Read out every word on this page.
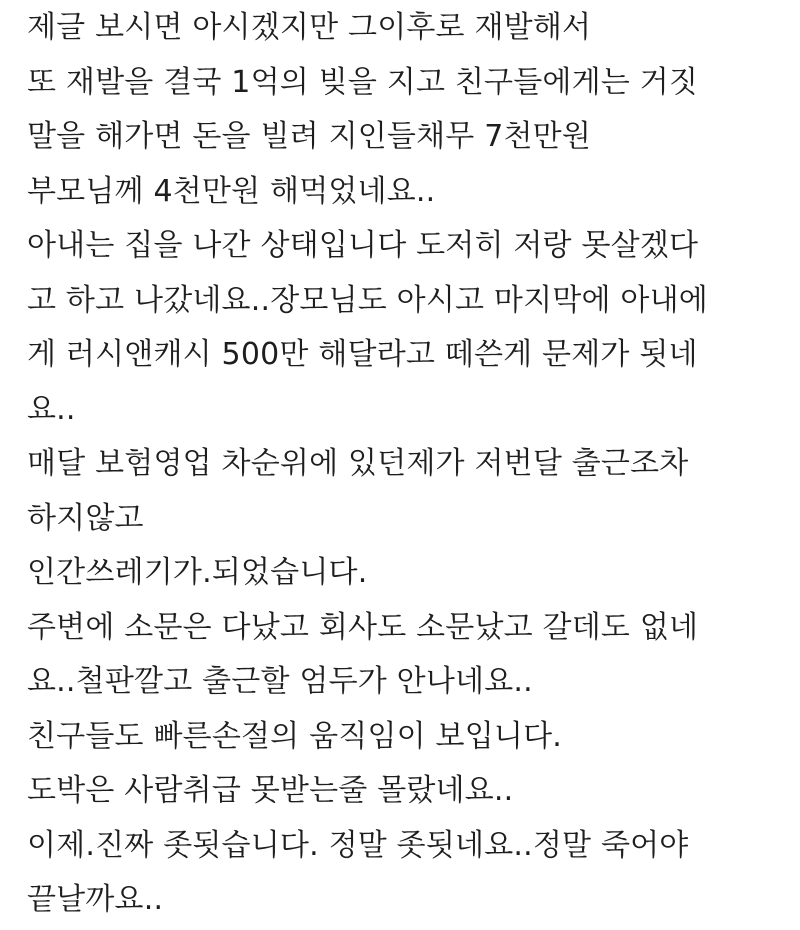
제글 보시면 아시겠지만 그이후로 재발해서

또 재발을 결국 1억의 빚을 지고 친구들에게는 거짓

말을 해가면 돈을 빌려 지인들채무 7천만원

부모님께 4천만원 해먹었네요..

아내는 집을 나간 상태입니다 도저히 저랑 못살겠다

고 하고 나갔네요..장모님도 아시고 마지막에 아내에

게 러시앤캐시 500만 해달라고 떼쓴게 문제가 됫네

요..

매달 보험영업 차순위에 있던제가 저번달 출근조차

하지않고

인간쓰레기가.되었습니다.

주변에 소문은 다났고 회사도 소문났고 갈데도 없네

요..철판깔고 출근할 엄두가 안나네요..

친구들도 빠른손절의 움직임이 보입니다.

도박은 사람취급 못받는줄 몰랐네요..

이제.진짜 좃됫습니다. 정말 좃됫네요..정말 죽어야

끝날까요..
